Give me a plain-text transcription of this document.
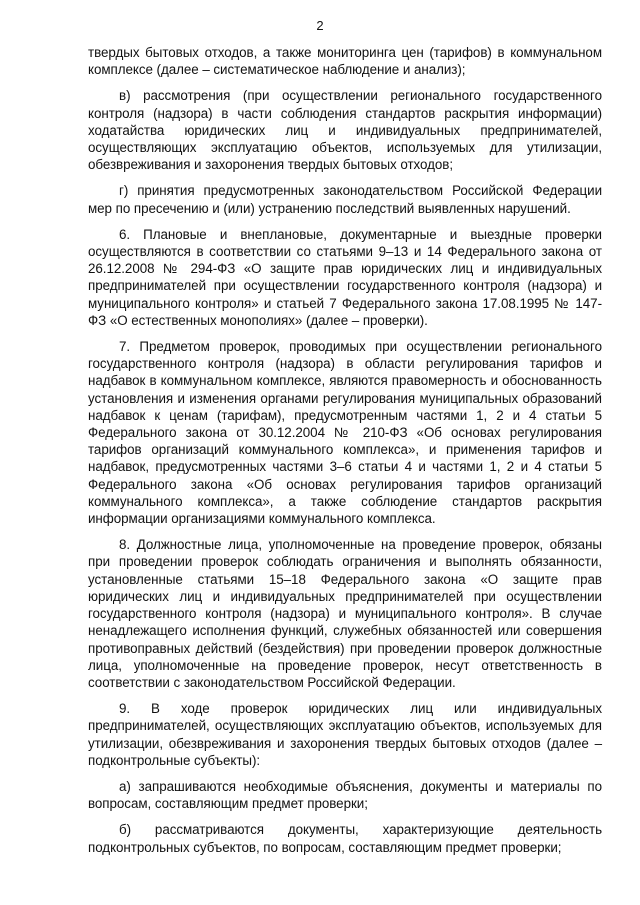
2

твердых бытовых отходов, а также мониторинга цен (тарифов) в коммунальном комплексе (далее – систематическое наблюдение и анализ);

в) рассмотрения (при осуществлении регионального государственного контроля (надзора) в части соблюдения стандартов раскрытия информации) ходатайства юридических лиц и индивидуальных предпринимателей, осуществляющих эксплуатацию объектов, используемых для утилизации, обезвреживания и захоронения твердых бытовых отходов;

г) принятия предусмотренных законодательством Российской Федерации мер по пресечению и (или) устранению последствий выявленных нарушений.

6. Плановые и внеплановые, документарные и выездные проверки осуществляются в соответствии со статьями 9–13 и 14 Федерального закона от 26.12.2008 № 294-ФЗ «О защите прав юридических лиц и индивидуальных предпринимателей при осуществлении государственного контроля (надзора) и муниципального контроля» и статьей 7 Федерального закона 17.08.1995 № 147-ФЗ «О естественных монополиях» (далее – проверки).

7. Предметом проверок, проводимых при осуществлении регионального государственного контроля (надзора) в области регулирования тарифов и надбавок в коммунальном комплексе, являются правомерность и обоснованность установления и изменения органами регулирования муниципальных образований надбавок к ценам (тарифам), предусмотренным частями 1, 2 и 4 статьи 5 Федерального закона от 30.12.2004 № 210-ФЗ «Об основах регулирования тарифов организаций коммунального комплекса», и применения тарифов и надбавок, предусмотренных частями 3–6 статьи 4 и частями 1, 2 и 4 статьи 5 Федерального закона «Об основах регулирования тарифов организаций коммунального комплекса», а также соблюдение стандартов раскрытия информации организациями коммунального комплекса.

8. Должностные лица, уполномоченные на проведение проверок, обязаны при проведении проверок соблюдать ограничения и выполнять обязанности, установленные статьями 15–18 Федерального закона «О защите прав юридических лиц и индивидуальных предпринимателей при осуществлении государственного контроля (надзора) и муниципального контроля». В случае ненадлежащего исполнения функций, служебных обязанностей или совершения противоправных действий (бездействия) при проведении проверок должностные лица, уполномоченные на проведение проверок, несут ответственность в соответствии с законодательством Российской Федерации.

9. В ходе проверок юридических лиц или индивидуальных предпринимателей, осуществляющих эксплуатацию объектов, используемых для утилизации, обезвреживания и захоронения твердых бытовых отходов (далее – подконтрольные субъекты):

а) запрашиваются необходимые объяснения, документы и материалы по вопросам, составляющим предмет проверки;

б) рассматриваются документы, характеризующие деятельность подконтрольных субъектов, по вопросам, составляющим предмет проверки;
